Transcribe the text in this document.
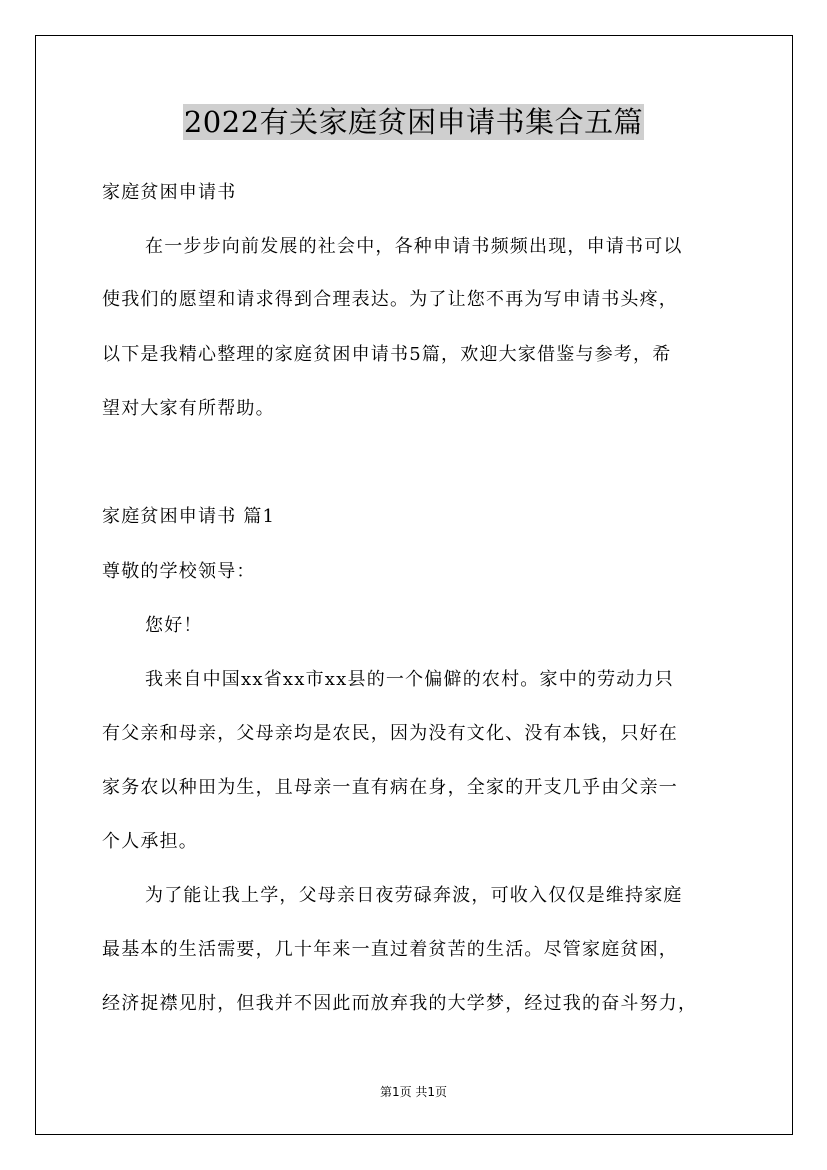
2022有关家庭贫困申请书集合五篇
家庭贫困申请书
在一步步向前发展的社会中，各种申请书频频出现，申请书可以
使我们的愿望和请求得到合理表达。为了让您不再为写申请书头疼，
以下是我精心整理的家庭贫困申请书5篇，欢迎大家借鉴与参考，希
望对大家有所帮助。
家庭贫困申请书 篇1
尊敬的学校领导：
您好！
我来自中国xx省xx市xx县的一个偏僻的农村。家中的劳动力只
有父亲和母亲，父母亲均是农民，因为没有文化、没有本钱，只好在
家务农以种田为生，且母亲一直有病在身，全家的开支几乎由父亲一
个人承担。
为了能让我上学，父母亲日夜劳碌奔波，可收入仅仅是维持家庭
最基本的生活需要，几十年来一直过着贫苦的生活。尽管家庭贫困，
经济捉襟见肘，但我并不因此而放弃我的大学梦，经过我的奋斗努力，
第1页 共1页
